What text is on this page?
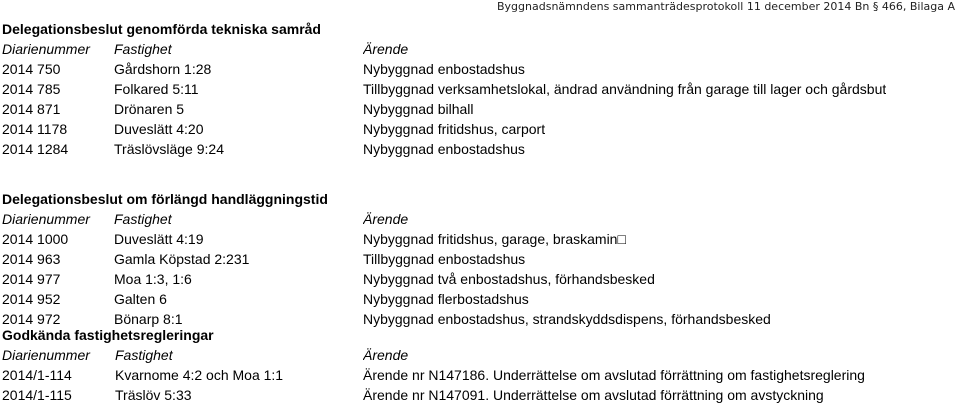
Byggnadsnämndens sammanträdesprotokoll 11 december 2014 Bn § 466, Bilaga A
Delegationsbeslut genomförda tekniska samråd
Diarienummer Fastighet	Ärende
2014 750	Gårdshorn 1:28	Nybyggnad enbostadshus
2014 785	Folkared 5:11	Tillbyggnad verksamhetslokal, ändrad användning från garage till lager och gårdsbut
2014 871	Drönaren 5	Nybyggnad bilhall
2014 1178	Duveslätt 4:20	Nybyggnad fritidshus, carport
2014 1284	Träslövsläge 9:24	Nybyggnad enbostadshus
Delegationsbeslut om förlängd handläggningstid
Diarienummer Fastighet	Ärende
2014 1000	Duveslätt 4:19	Nybyggnad fritidshus, garage, braskamin□
2014 963	Gamla Köpstad 2:231	Tillbyggnad enbostadshus
2014 977	Moa 1:3, 1:6	Nybyggnad två enbostadshus, förhandsbesked
2014 952	Galten 6	Nybyggnad flerbostadshus
2014 972	Bönarp 8:1	Nybyggnad enbostadshus, strandskyddsdispens, förhandsbesked
Godkända fastighetsregleringar
Diarienummer Fastighet	Ärende
2014/1-114	Kvarnome 4:2 och Moa 1:1	Ärende nr N147186. Underrättelse om avslutad förrättning om fastighetsreglering
2014/1-115	Träslöv 5:33	Ärende nr N147091. Underrättelse om avslutad förrättning om avstyckning
